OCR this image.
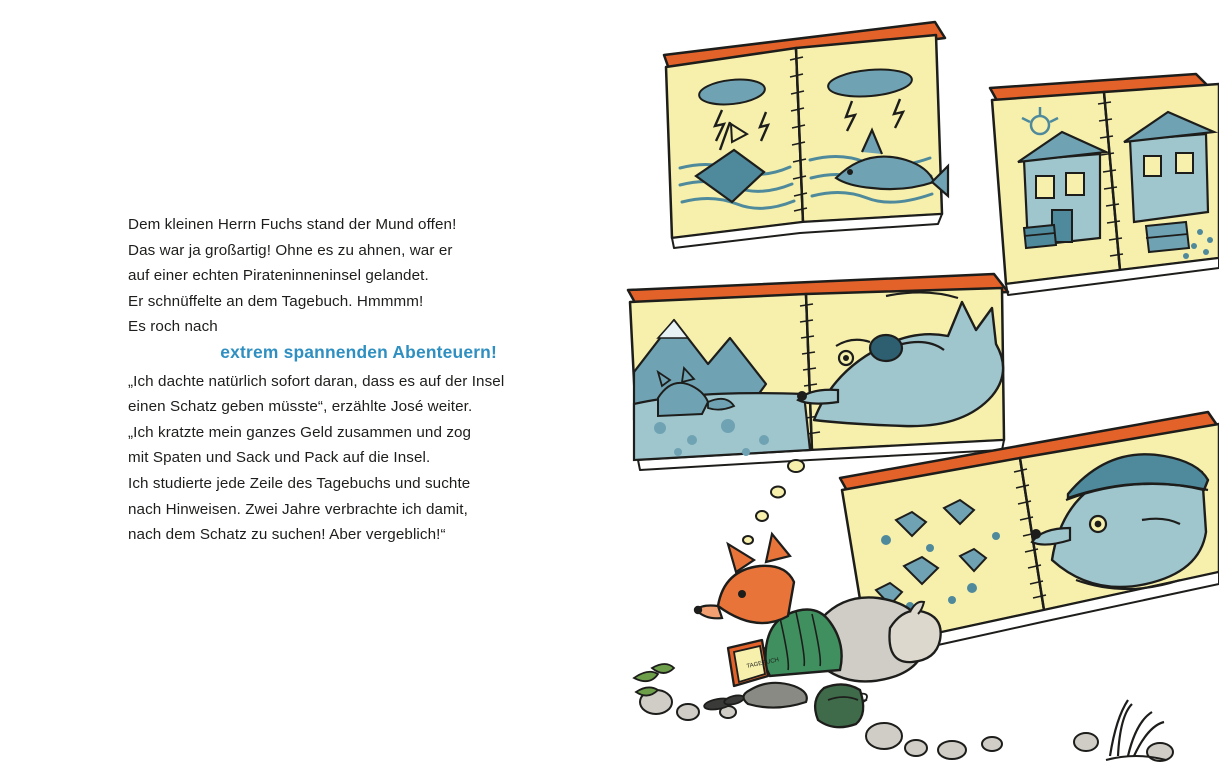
Dem kleinen Herrn Fuchs stand der Mund offen!
Das war ja großartig! Ohne es zu ahnen, war er
auf einer echten Pirateninneninsel gelandet.
Er schnüffelte an dem Tagebuch. Hmmmm!
Es roch nach
extrem spannenden Abenteuern!
„Ich dachte natürlich sofort daran, dass es auf der Insel
einen Schatz geben müsste“, erzählte José weiter.
„Ich kratzte mein ganzes Geld zusammen und zog
mit Spaten und Sack und Pack auf die Insel.
Ich studierte jede Zeile des Tagebuchs und suchte
nach Hinweisen. Zwei Jahre verbrachte ich damit,
nach dem Schatz zu suchen! Aber vergeblich!“
TAGEBUCH
